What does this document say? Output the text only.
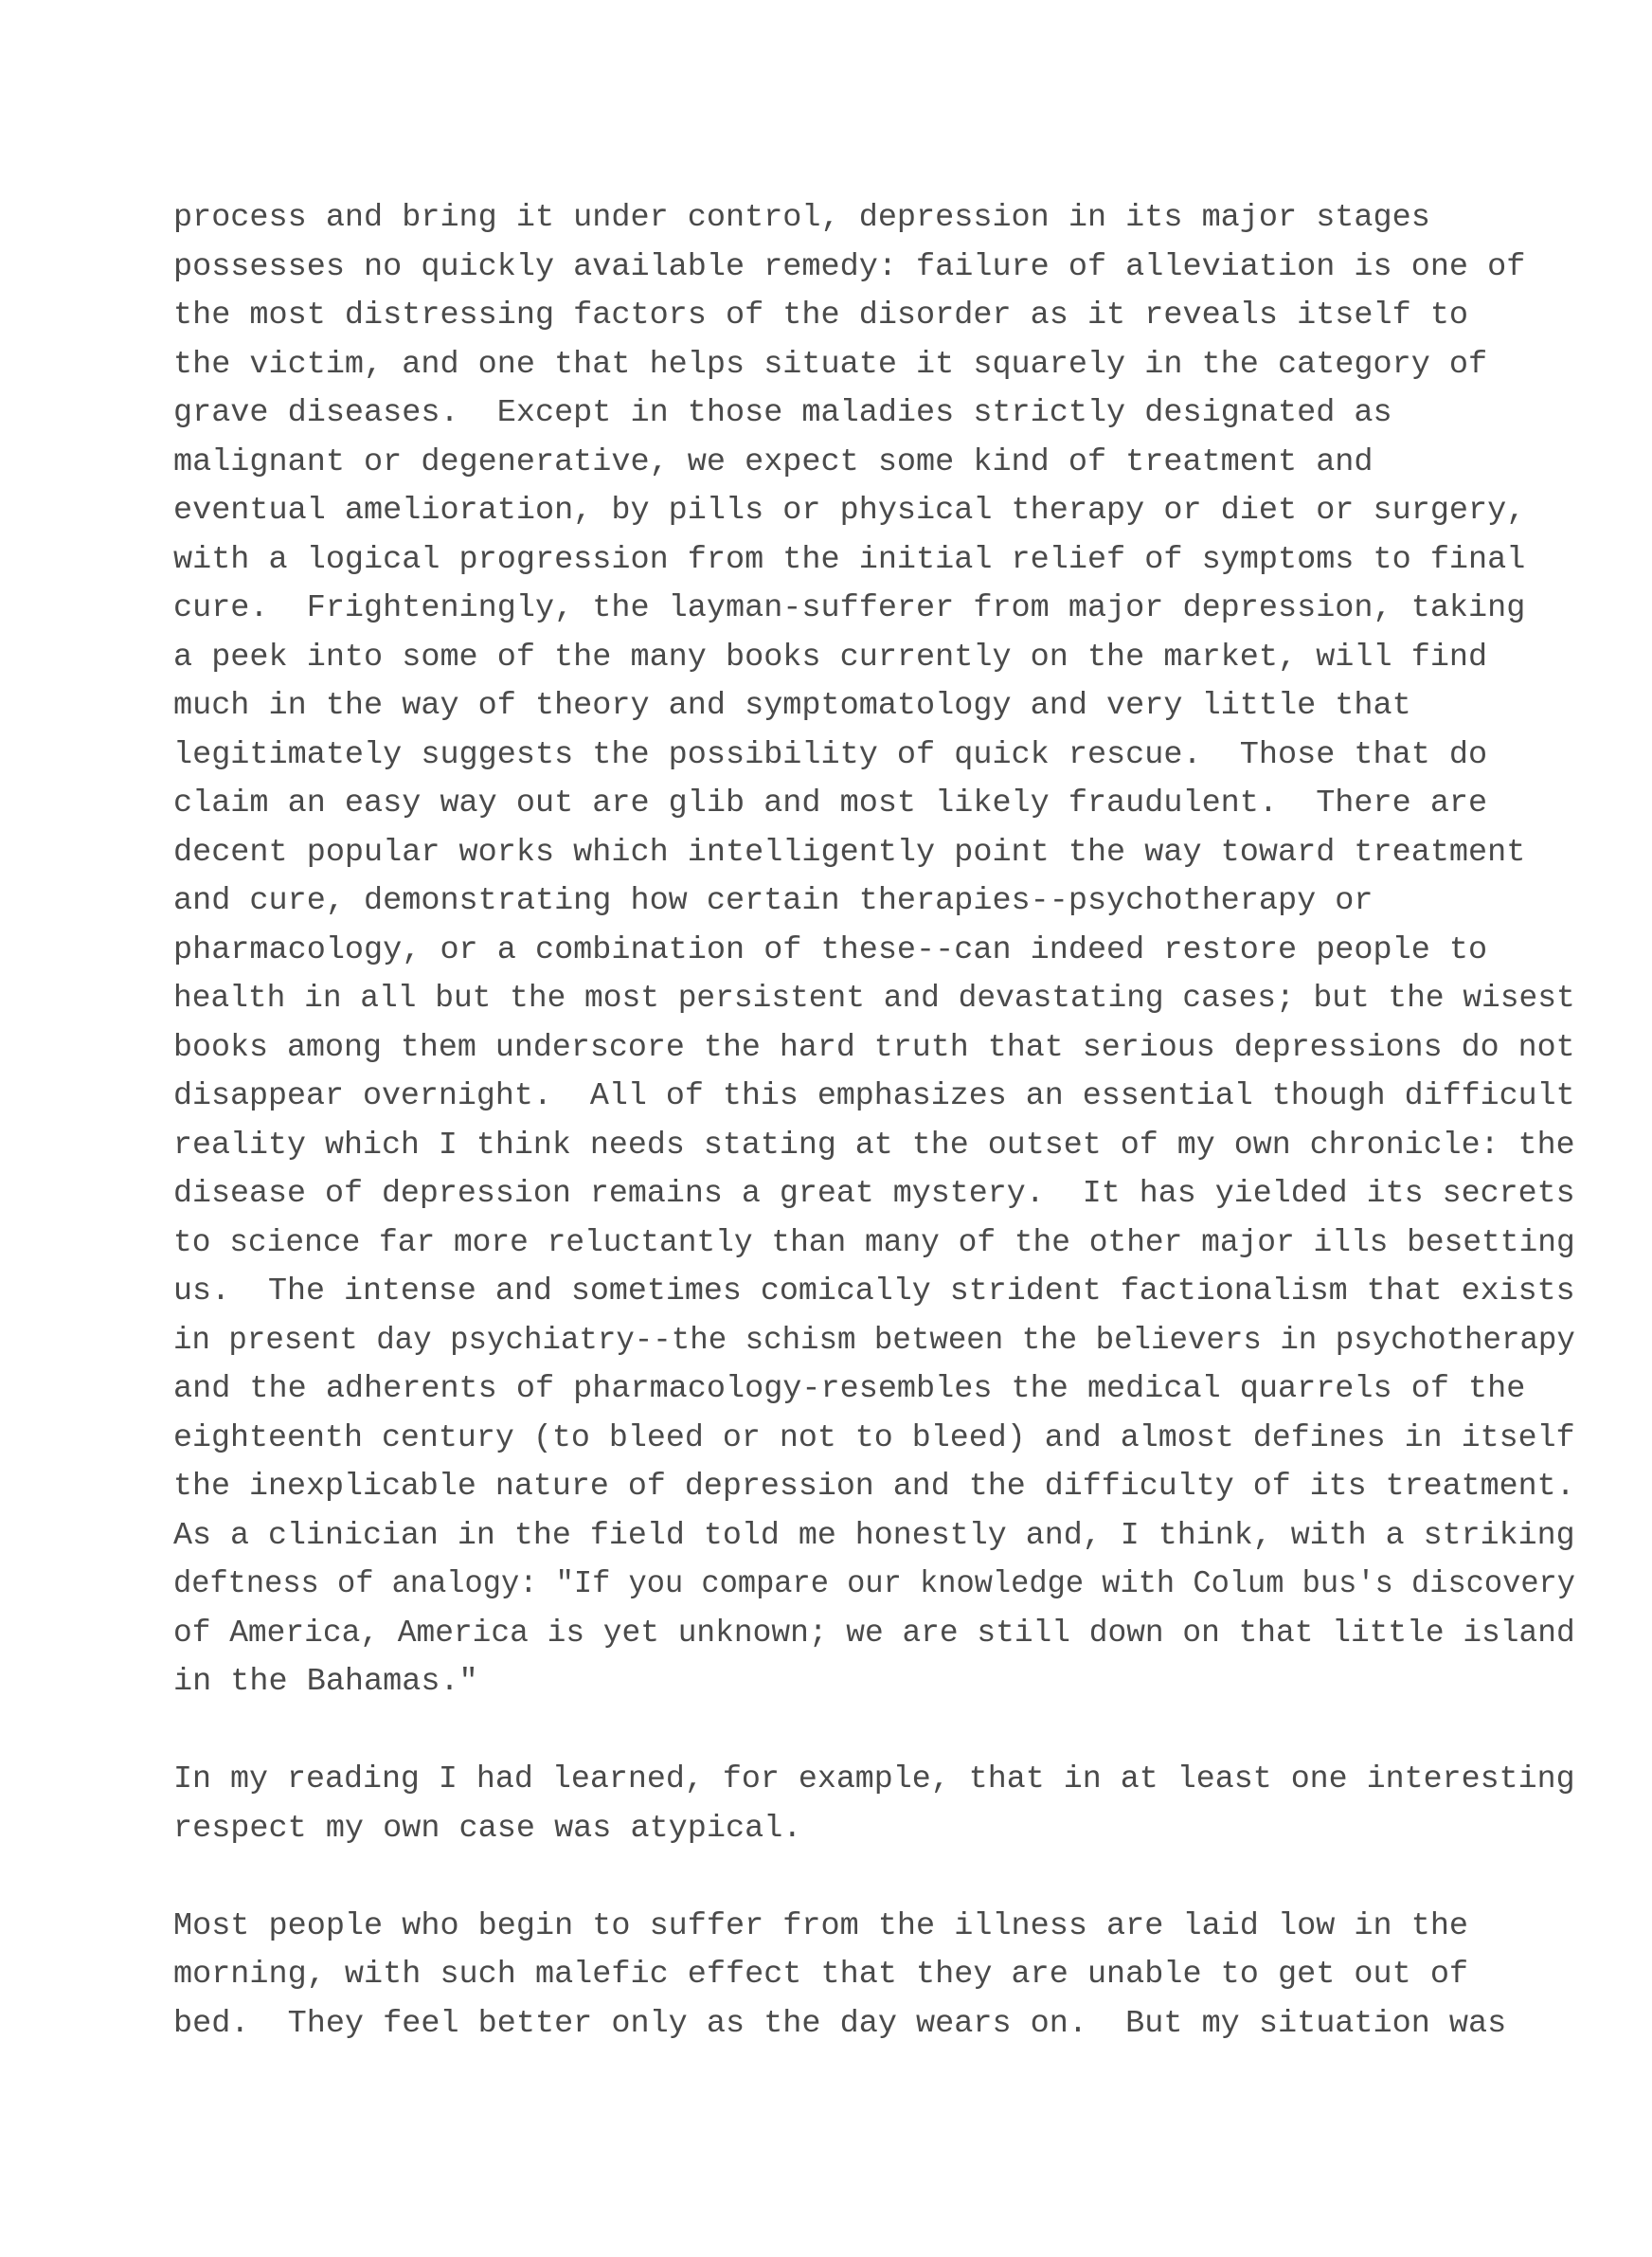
process and bring it under control, depression in its major stages
possesses no quickly available remedy: failure of alleviation is one of
the most distressing factors of the disorder as it reveals itself to
the victim, and one that helps situate it squarely in the category of
grave diseases.  Except in those maladies strictly designated as
malignant or degenerative, we expect some kind of treatment and
eventual amelioration, by pills or physical therapy or diet or surgery,
with a logical progression from the initial relief of symptoms to final
cure.  Frighteningly, the layman-sufferer from major depression, taking
a peek into some of the many books currently on the market, will find
much in the way of theory and symptomatology and very little that
legitimately suggests the possibility of quick rescue.  Those that do
claim an easy way out are glib and most likely fraudulent.  There are
decent popular works which intelligently point the way toward treatment
and cure, demonstrating how certain therapies--psychotherapy or
pharmacology, or a combination of these--can indeed restore people to
health in all but the most persistent and devastating cases; but the wisest
books among them underscore the hard truth that serious depressions do not
disappear overnight.  All of this emphasizes an essential though difficult
reality which I think needs stating at the outset of my own chronicle: the
disease of depression remains a great mystery.  It has yielded its secrets
to science far more reluctantly than many of the other major ills besetting
us.  The intense and sometimes comically strident factionalism that exists
in present day psychiatry--the schism between the believers in psychotherapy
and the adherents of pharmacology-resembles the medical quarrels of the
eighteenth century (to bleed or not to bleed) and almost defines in itself
the inexplicable nature of depression and the difficulty of its treatment.
As a clinician in the field told me honestly and, I think, with a striking
deftness of analogy: "If you compare our knowledge with Colum bus's discovery
of America, America is yet unknown; we are still down on that little island
in the Bahamas."
In my reading I had learned, for example, that in at least one interesting
respect my own case was atypical.
Most people who begin to suffer from the illness are laid low in the
morning, with such malefic effect that they are unable to get out of
bed.  They feel better only as the day wears on.  But my situation was
